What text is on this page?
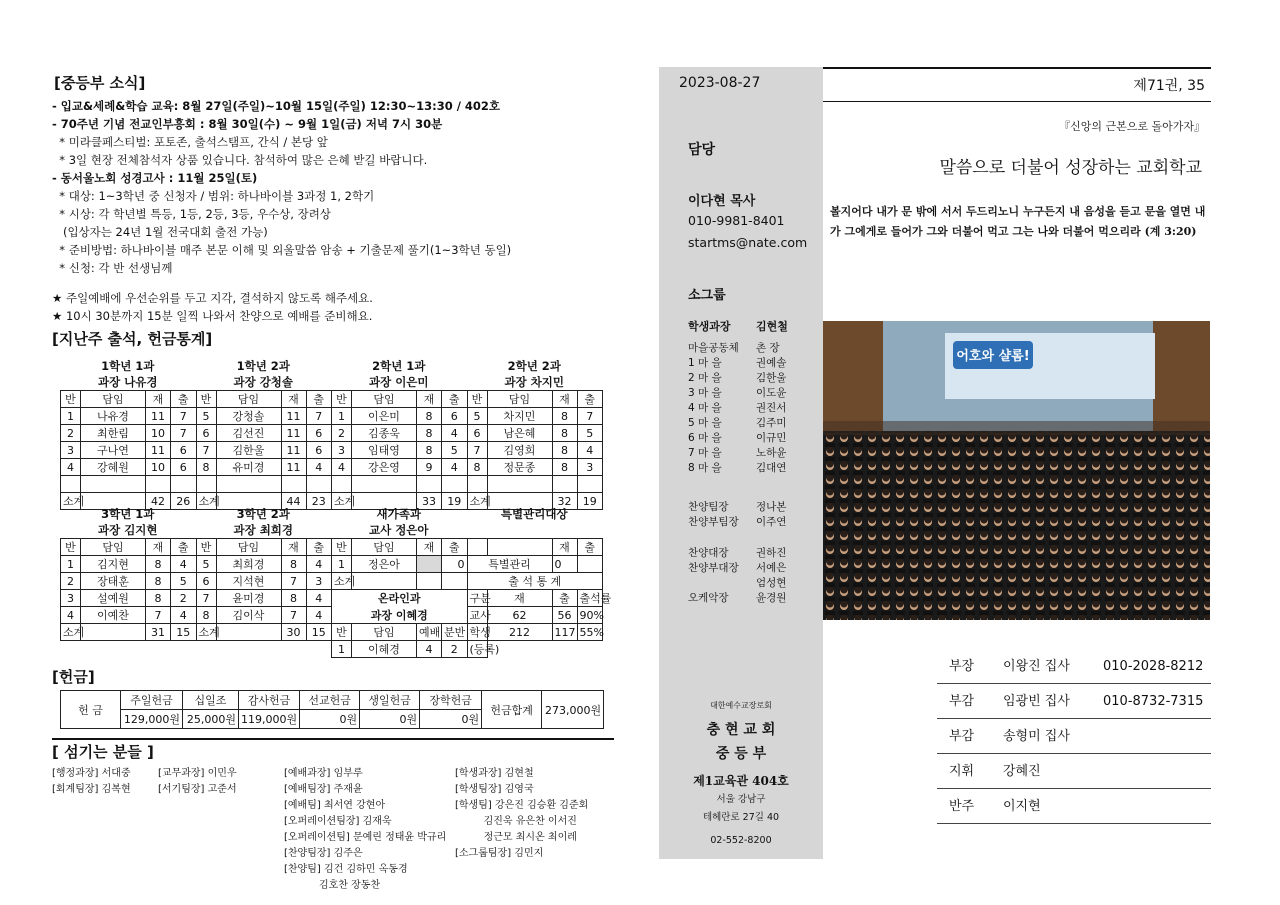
[중등부 소식]
- 입교&세례&학습 교육: 8월 27일(주일)~10월 15일(주일) 12:30~13:30 / 402호
- 70주년 기념 전교인부흥회 : 8월 30일(수) ~ 9월 1일(금) 저녁 7시 30분
* 미라클페스티벌: 포토존, 출석스탬프, 간식 / 본당 앞
* 3일 현장 전체참석자 상품 있습니다. 참석하여 많은 은혜 받길 바랍니다.
- 동서울노회 성경고사 : 11월 25일(토)
* 대상: 1~3학년 중 신청자 / 범위: 하나바이블 3과정 1, 2학기
* 시상: 각 학년별 특등, 1등, 2등, 3등, 우수상, 장려상
(입상자는 24년 1월 전국대회 출전 가능)
* 준비방법: 하나바이블 매주 본문 이해 및 외울말씀 암송 + 기출문제 풀기(1~3학년 동일)
* 신청: 각 반 선생님께
★ 주일예배에 우선순위를 두고 지각, 결석하지 않도록 해주세요.
★ 10시 30분까지 15분 일찍 나와서 찬양으로 예배를 준비해요.
[지난주 출석, 헌금통계]
1학년 1과
과장 나유경
1학년 2과
과장 강청솔
2학년 1과
과장 이은미
2학년 2과
과장 차지민
반	담임	재	출	반	담임	재	출	반	담임	재	출	반	담임	재	출
1	나유경	11	7	5	강청솔	11	7	1	이은미	8	6	5	차지민	8	7
2	최한림	10	7	6	김선진	11	6	2	김종욱	8	4	6	남은혜	8	5
3	구나연	11	6	7	김한울	11	6	3	임태영	8	5	7	김영희	8	4
4	강혜원	10	6	8	유미경	11	4	4	강은영	9	4	8	정문종	8	3

소계		42	26	소계		44	23	소계		33	19	소계		32	19
3학년 1과
과장 김지현
3학년 2과
과장 최희경
새가족과
교사 정은아
특별관리대상
반	담임	재	출	반	담임	재	출	반	담임	재	출			재	출
1	김지현	8	4	5	최희경	8	4	1	정은아		0	특별관리		0	
2	장태훈	8	5	6	지석현	7	3	소계				출 석 통 계			
3	설예원	8	2	7	윤미경	8	4	온라인과				구분	재	출	출석률
4	이예찬	7	4	8	김이삭	7	4	과장 이혜경				교사	62	56	90%
소계		31	15	소계		30	15	반	담임	예배	분반	학생	212	117	55%
								1	이혜경	4	2	(등록)			
[헌금]
헌 금	주일헌금	십일조	감사헌금	선교헌금	생일헌금	장학헌금	헌금합계	273,000원
	129,000원	25,000원	119,000원	0원	0원	0원		
[ 섬기는 분들 ]
[행정과장] 서대중
[회계팀장] 김복현
[교무과장] 이민우
[서기팀장] 고준서
[예배과장] 임부루
[예배팀장] 주재윤
[예배팀] 최서연 강현아
[오퍼레이션팀장] 김재욱
[오퍼레이션팀] 문예린 정태윤 박규리
[찬양팀장] 김주은
[찬양팀] 김건 김하민 옥동경
김호찬 장동찬
[학생과장] 김현철
[학생팀장] 김영국
[학생팀] 강은진 김승환 김준회
김진욱 유은찬 이서진
정근모 최시온 최이레
[소그룹팀장] 김민지
2023-08-27
담당
이다현 목사
010-9981-8401
startms@nate.com
소그룹
학생과장	김현철
마을공동체	촌 장
1 마 을	권예솔
2 마 을	김한울
3 마 을	이도윤
4 마 을	권진서
5 마 을	김주미
6 마 을	이규민
7 마 을	노하윤
8 마 을	김대연
찬양팀장	정나본
찬양부팀장	이주연
찬양대장	권하진
찬양부대장	서예은
엄성현
오케악장	윤경원
대한예수교장로회
충 현 교 회
중 등 부
제1교육관 404호
서울 강남구
테헤란로 27길 40
02-552-8200
제71권, 35
『신앙의 근본으로 돌아가자』
말씀으로 더불어 성장하는 교회학교
볼지어다 내가 문 밖에 서서 두드리노니 누구든지 내 음성을 듣고 문을 열면 내가 그에게로 들어가 그와 더불어 먹고 그는 나와 더불어 먹으리라 (계 3:20)
어호와 샬롬!
부장	이왕진 집사	010-2028-8212
부감	임광빈 집사	010-8732-7315
부감	송형미 집사
지휘	강혜진
반주	이지현
